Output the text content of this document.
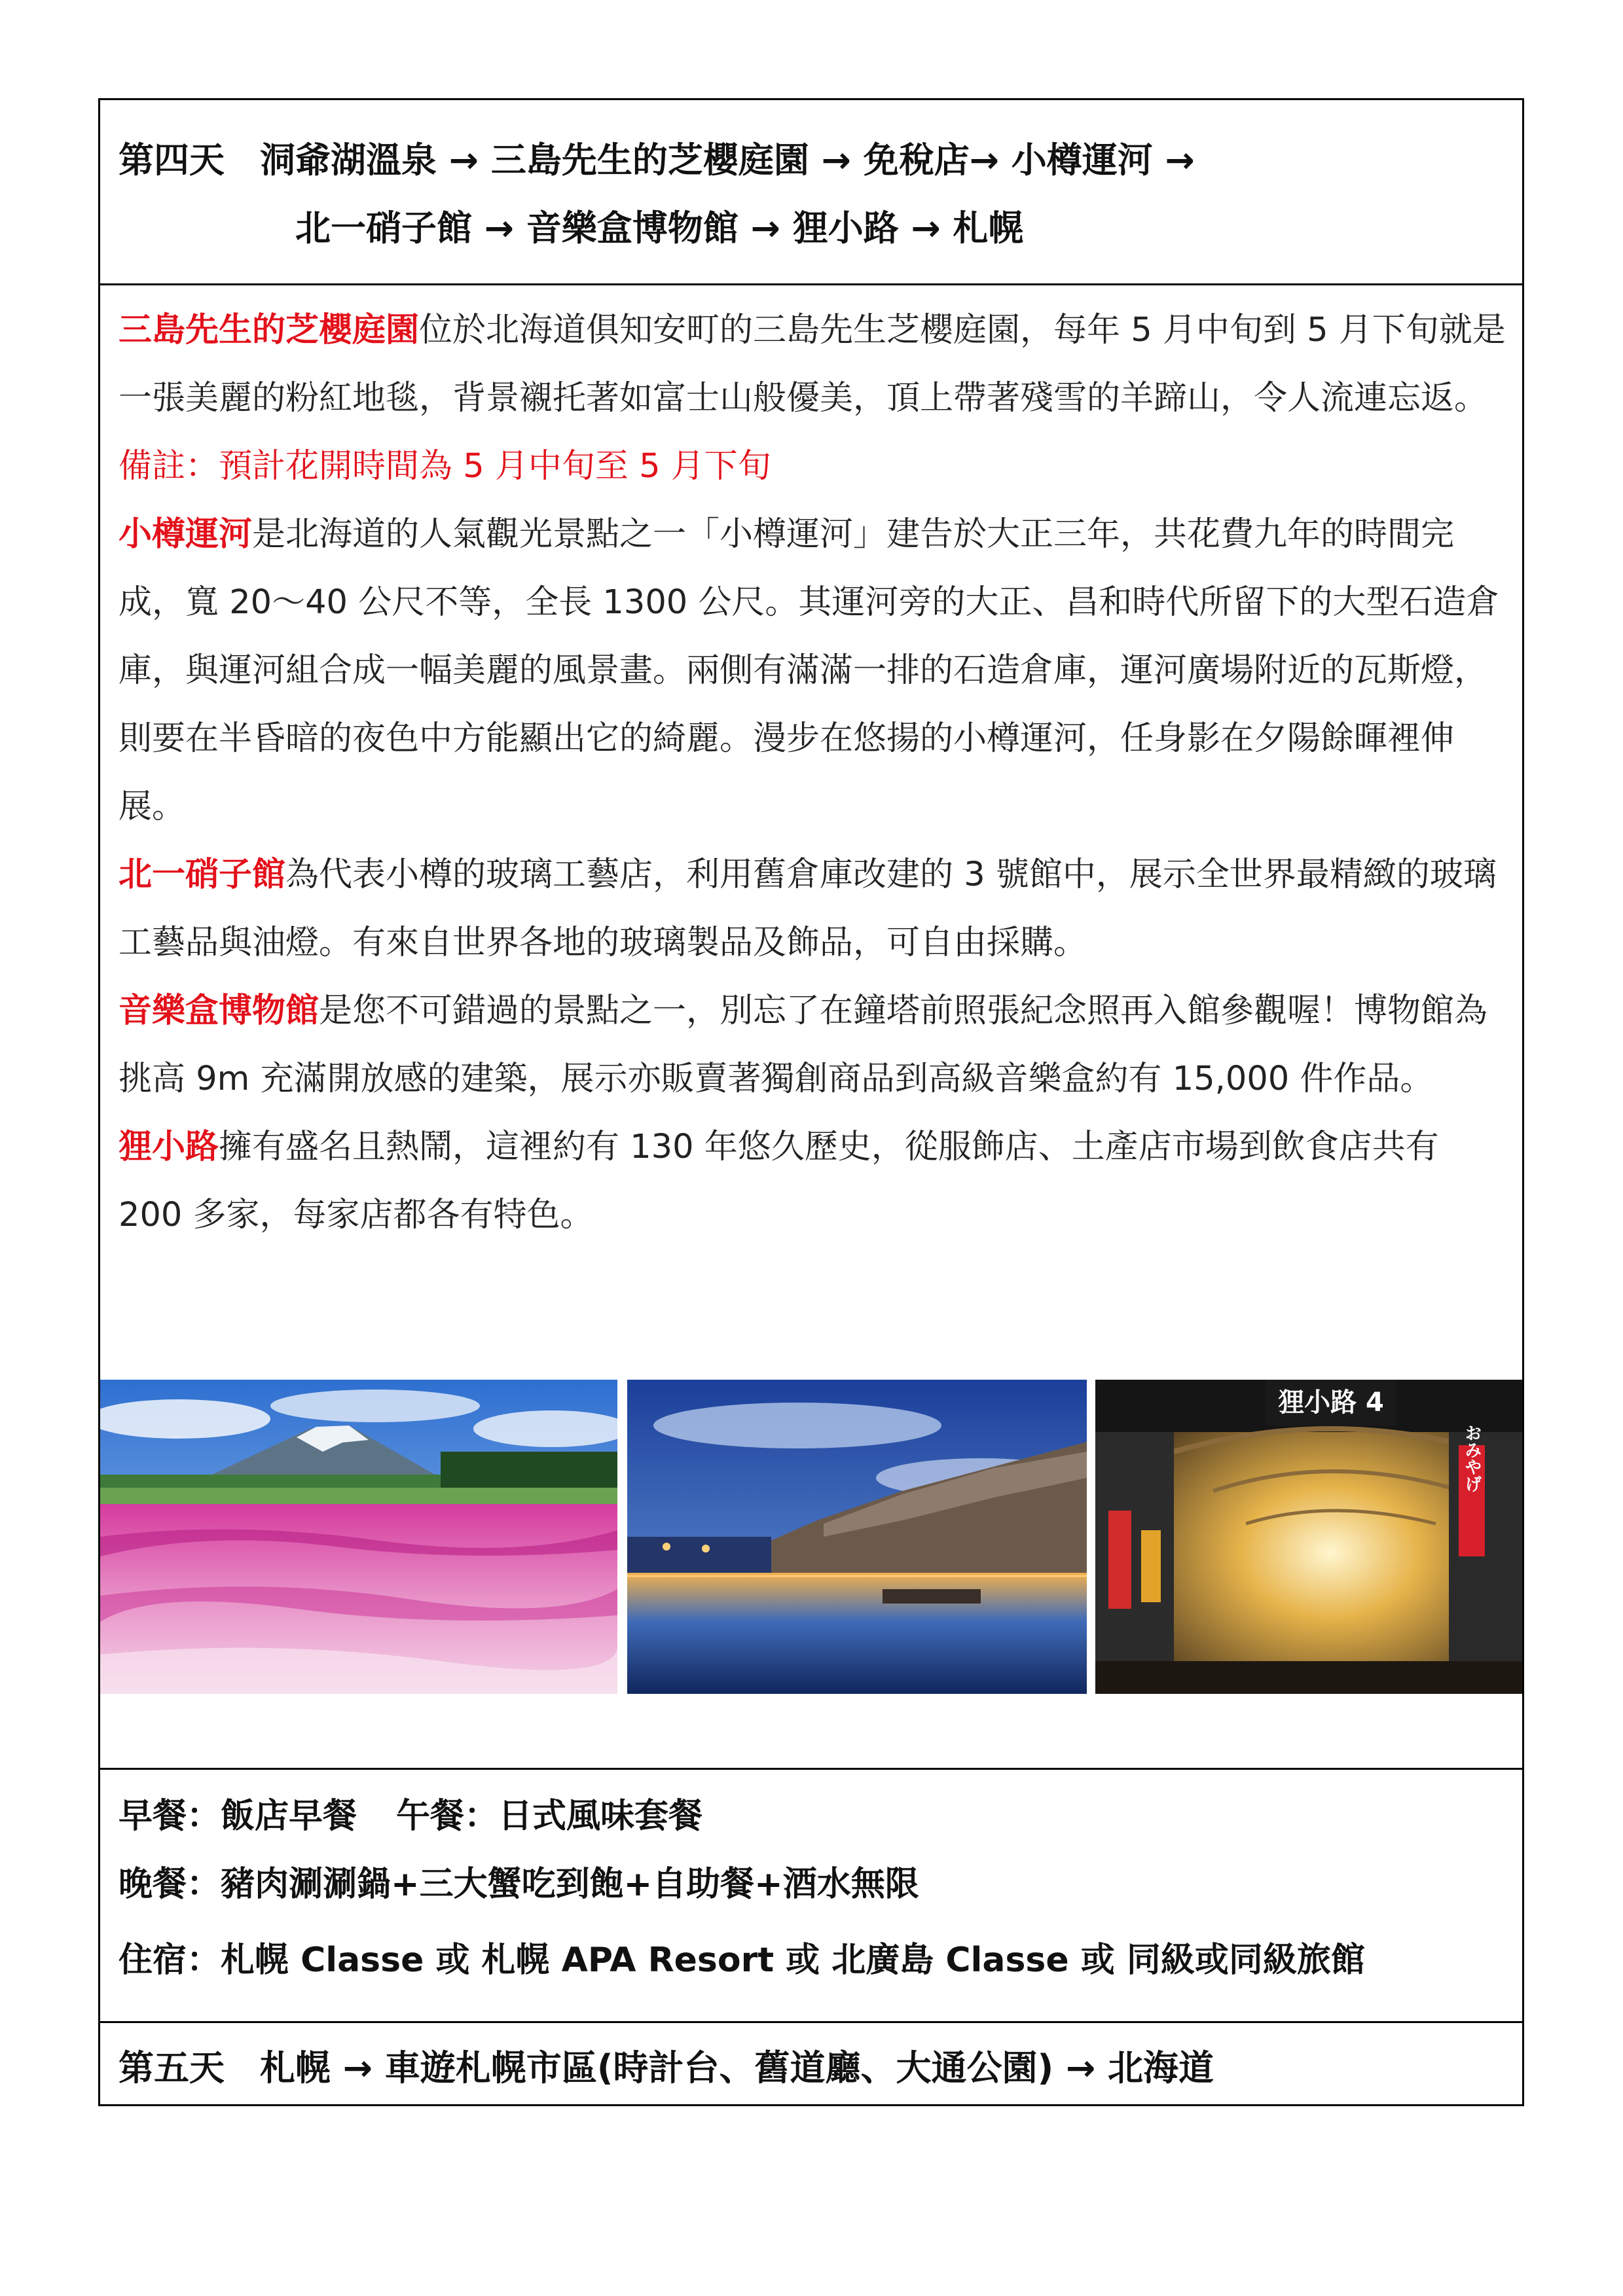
第四天　洞爺湖溫泉 → 三島先生的芝櫻庭園 → 免稅店→ 小樽運河 →
北一硝子館 → 音樂盒博物館 → 狸小路 → 札幌

三島先生的芝櫻庭園位於北海道俱知安町的三島先生芝櫻庭園，每年 5 月中旬到 5 月下旬就是一張美麗的粉紅地毯，背景襯托著如富士山般優美，頂上帶著殘雪的羊蹄山，令人流連忘返。

備註：預計花開時間為 5 月中旬至 5 月下旬

小樽運河是北海道的人氣觀光景點之一「小樽運河」建告於大正三年，共花費九年的時間完成，寬 20～40 公尺不等，全長 1300 公尺。其運河旁的大正、昌和時代所留下的大型石造倉庫，與運河組合成一幅美麗的風景畫。兩側有滿滿一排的石造倉庫，運河廣場附近的瓦斯燈，則要在半昏暗的夜色中方能顯出它的綺麗。漫步在悠揚的小樽運河，任身影在夕陽餘暉裡伸展。

北一硝子館為代表小樽的玻璃工藝店，利用舊倉庫改建的 3 號館中，展示全世界最精緻的玻璃工藝品與油燈。有來自世界各地的玻璃製品及飾品，可自由採購。

音樂盒博物館是您不可錯過的景點之一，別忘了在鐘塔前照張紀念照再入館參觀喔！博物館為挑高 9m 充滿開放感的建築，展示亦販賣著獨創商品到高級音樂盒約有 15,000 件作品。

狸小路擁有盛名且熱鬧，這裡約有 130 年悠久歷史，從服飾店、土產店市場到飲食店共有 200 多家，每家店都各有特色。

狸小路 4
おみやげ
早餐：飯店早餐 午餐：日式風味套餐
晚餐：豬肉涮涮鍋+三大蟹吃到飽+自助餐+酒水無限
住宿：札幌 Classe 或 札幌 APA Resort 或 北廣島 Classe 或 同級或同級旅館
第五天　札幌 → 車遊札幌市區(時計台、舊道廳、大通公園) → 北海道
